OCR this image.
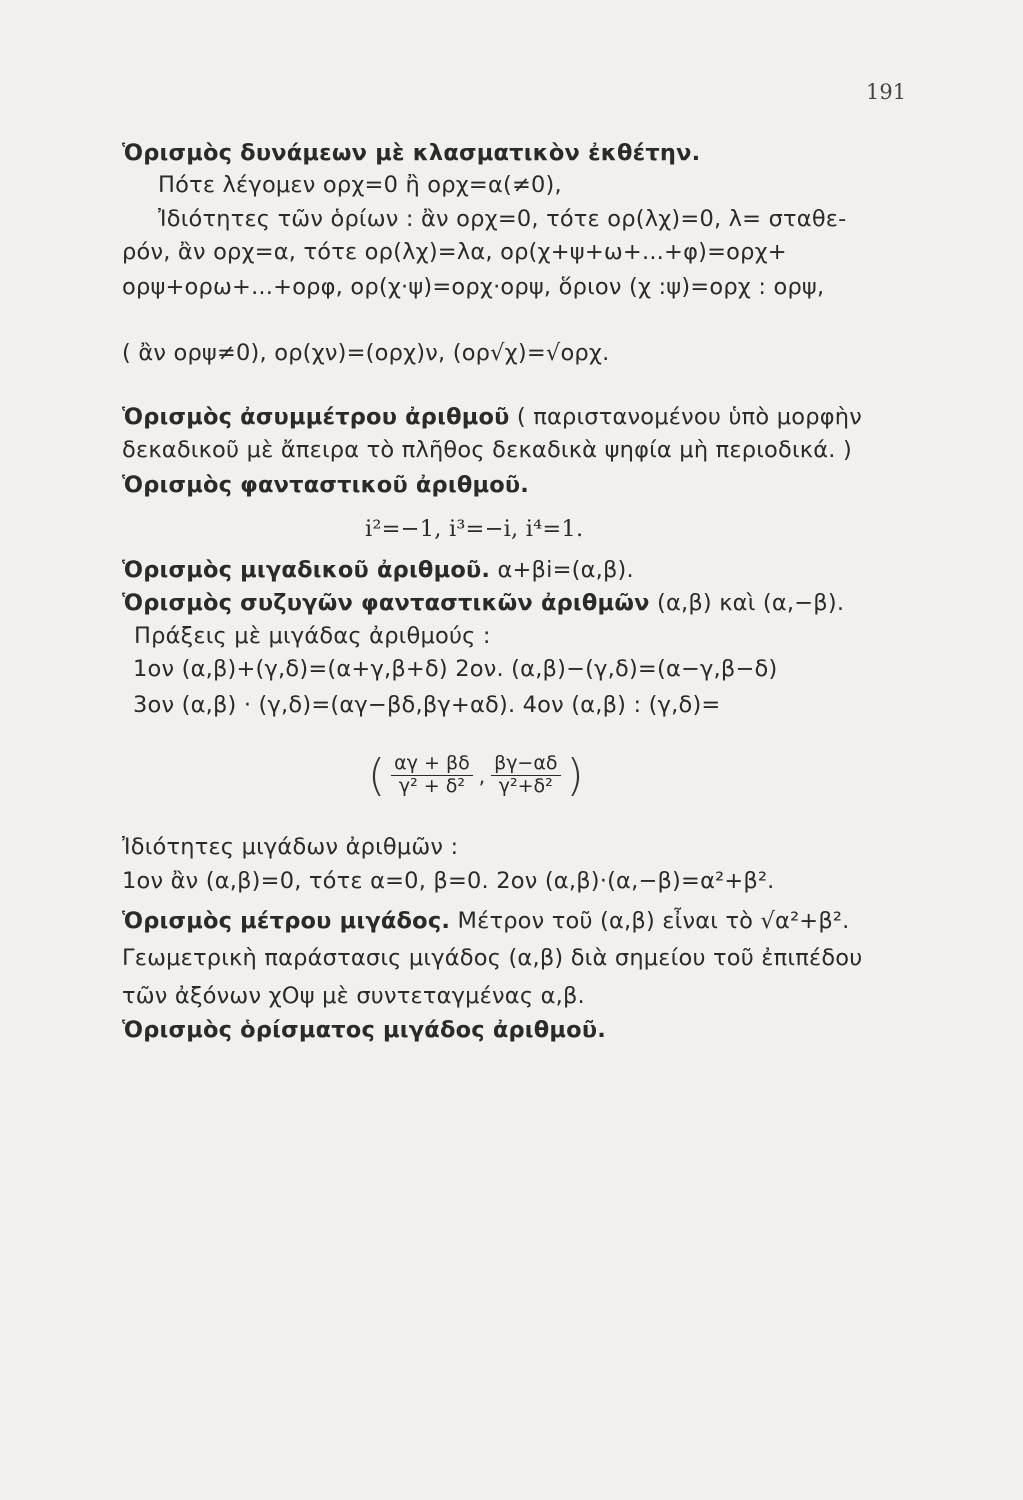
191
Ὁρισμὸς δυνάμεων μὲ κλασματικὸν ἐκθέτην.
Πότε λέγομεν ορχ=0 ἢ ορχ=α(≠0),
Ἰδιότητες τῶν ὁρίων : ἂν ορχ=0, τότε ορ(λχ)=0, λ= σταθε-
ρόν, ἂν ορχ=α, τότε ορ(λχ)=λα, ορ(χ+ψ+ω+...+φ)=ορχ+
ορψ+ορω+...+ορφ, ορ(χ·ψ)=ορχ·ορψ, ὅριον (χ :ψ)=ορχ : ορψ,
( ἂν ορψ≠0), ορ(χν)=(ορχ)ν, (ορ√χ)=√ορχ.
Ὁρισμὸς ἀσυμμέτρου ἀριθμοῦ ( παριστανομένου ὑπὸ μορφὴν
δεκαδικοῦ μὲ ἄπειρα τὸ πλῆθος δεκαδικὰ ψηφία μὴ περιοδικά. )
Ὁρισμὸς φανταστικοῦ ἀριθμοῦ.
i²=−1, i³=−i, i⁴=1.
Ὁρισμὸς μιγαδικοῦ ἀριθμοῦ. α+βi=(α,β).
Ὁρισμὸς συζυγῶν φανταστικῶν ἀριθμῶν (α,β) καὶ (α,−β).
Πράξεις μὲ μιγάδας ἀριθμούς :
1ον (α,β)+(γ,δ)=(α+γ,β+δ) 2ον. (α,β)−(γ,δ)=(α−γ,β−δ)
3ον (α,β) · (γ,δ)=(αγ−βδ,βγ+αδ). 4ον (α,β) : (γ,δ)=
( $\frac{\alpha\gamma + \beta\delta}{\text{γ² + δ²}}$ , $\frac{\beta\gamma-\alpha\delta}{\text{γ²+δ²}}$ )
Ἰδιότητες μιγάδων ἀριθμῶν :
1ον ἂν (α,β)=0, τότε α=0, β=0. 2ον (α,β)·(α,−β)=α²+β².
Ὁρισμὸς μέτρου μιγάδος. Μέτρον τοῦ (α,β) εἶναι τὸ √α²+β².
Γεωμετρικὴ παράστασις μιγάδος (α,β) διὰ σημείου τοῦ ἐπιπέδου
τῶν ἀξόνων χΟψ μὲ συντεταγμένας α,β.
Ὁρισμὸς ὁρίσματος μιγάδος ἀριθμοῦ.
